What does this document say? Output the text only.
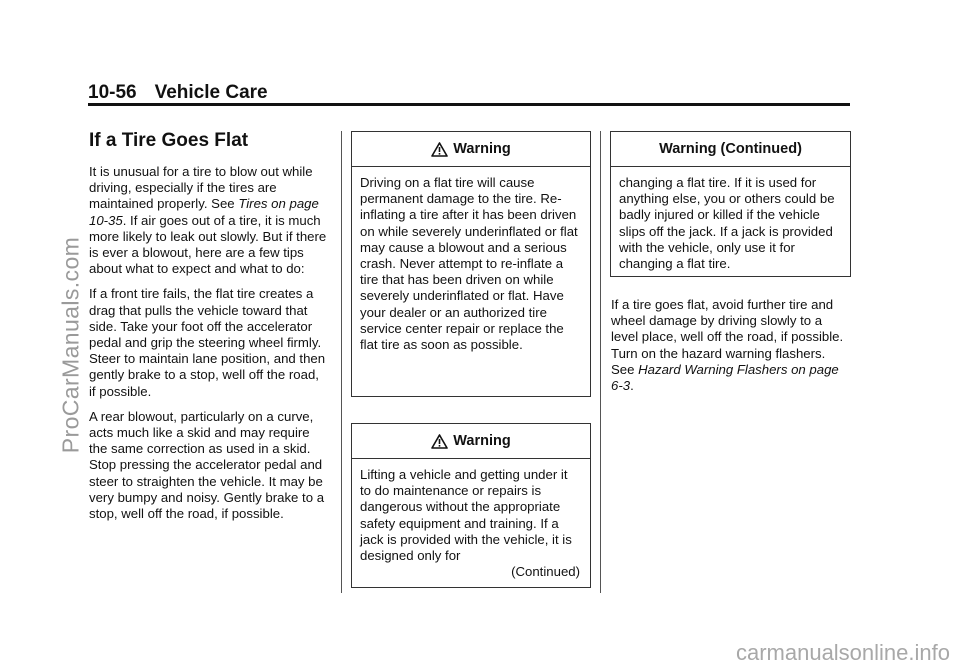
10-56 Vehicle Care
ProCarManuals.com
carmanualsonline.info
If a Tire Goes Flat

It is unusual for a tire to blow out while driving, especially if the tires are maintained properly. See Tires on page 10-35. If air goes out of a tire, it is much more likely to leak out slowly. But if there is ever a blowout, here are a few tips about what to expect and what to do:

If a front tire fails, the flat tire creates a drag that pulls the vehicle toward that side. Take your foot off the accelerator pedal and grip the steering wheel firmly. Steer to maintain lane position, and then gently brake to a stop, well off the road, if possible.

A rear blowout, particularly on a curve, acts much like a skid and may require the same correction as used in a skid. Stop pressing the accelerator pedal and steer to straighten the vehicle. It may be very bumpy and noisy. Gently brake to a stop, well off the road, if possible.

Warning
Driving on a flat tire will cause permanent damage to the tire. Re-inflating a tire after it has been driven on while severely underinflated or flat may cause a blowout and a serious crash. Never attempt to re-inflate a tire that has been driven on while severely underinflated or flat. Have your dealer or an authorized tire service center repair or replace the flat tire as soon as possible.
Warning
Lifting a vehicle and getting under it to do maintenance or repairs is dangerous without the appropriate safety equipment and training. If a jack is provided with the vehicle, it is designed only for
(Continued)
Warning (Continued)
changing a flat tire. If it is used for anything else, you or others could be badly injured or killed if the vehicle slips off the jack. If a jack is provided with the vehicle, only use it for changing a flat tire.

If a tire goes flat, avoid further tire and wheel damage by driving slowly to a level place, well off the road, if possible. Turn on the hazard warning flashers. See Hazard Warning Flashers on page 6-3.
